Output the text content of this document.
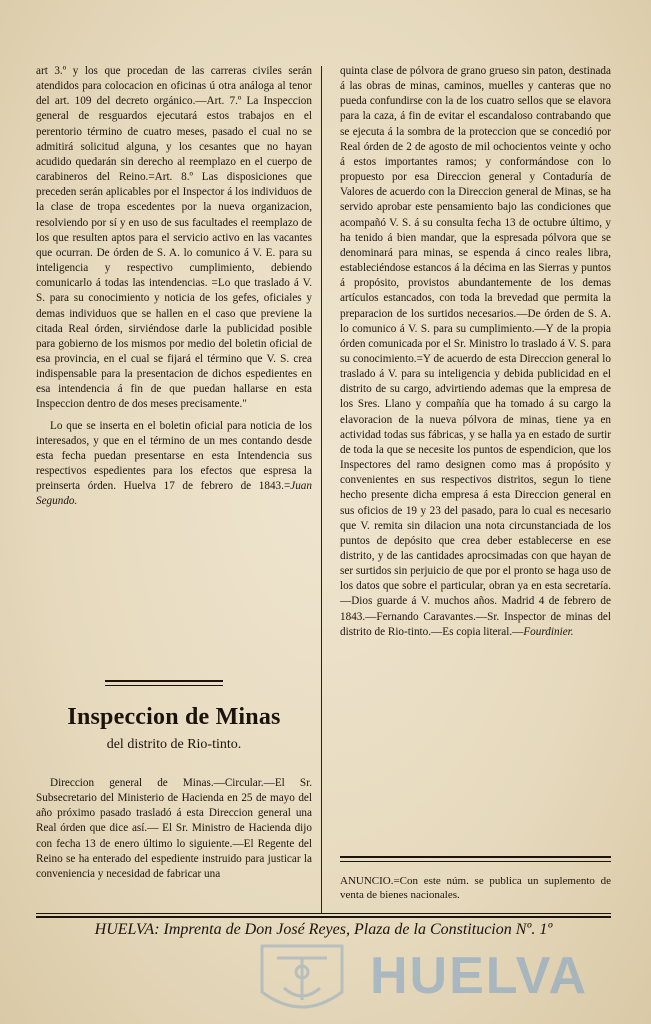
art 3.º y los que procedan de las carreras civiles serán atendidos para colocacion en oficinas ú otra análoga al tenor del art. 109 del decreto orgánico.—Art. 7.º La Inspeccion general de resguardos ejecutará estos trabajos en el perentorio término de cuatro meses, pasado el cual no se admitirá solicitud alguna, y los cesantes que no hayan acudido quedarán sin derecho al reemplazo en el cuerpo de carabineros del Reino.=Art. 8.º Las disposiciones que preceden serán aplicables por el Inspector á los individuos de la clase de tropa escedentes por la nueva organizacion, resolviendo por sí y en uso de sus facultades el reemplazo de los que resulten aptos para el servicio activo en las vacantes que ocurran. De órden de S. A. lo comunico á V. E. para su inteligencia y respectivo cumplimiento, debiendo comunicarlo á todas las intendencias. =Lo que traslado á V. S. para su conocimiento y noticia de los gefes, oficiales y demas individuos que se hallen en el caso que previene la citada Real órden, sirviéndose darle la publicidad posible para gobierno de los mismos por medio del boletin oficial de esa provincia, en el cual se fijará el término que V. S. crea indispensable para la presentacion de dichos espedientes en esa intendencia á fin de que puedan hallarse en esta Inspeccion dentro de dos meses precisamente."

Lo que se inserta en el boletin oficial para noticia de los interesados, y que en el término de un mes contando desde esta fecha puedan presentarse en esta Intendencia sus respectivos espedientes para los efectos que espresa la preinserta órden. Huelva 17 de febrero de 1843.=Juan Segundo.

Inspeccion de Minas
del distrito de Rio-tinto.

Direccion general de Minas.—Circular.—El Sr. Subsecretario del Ministerio de Hacienda en 25 de mayo del año próximo pasado trasladó á esta Direccion general una Real órden que dice así.— El Sr. Ministro de Hacienda dijo con fecha 13 de enero último lo siguiente.—El Regente del Reino se ha enterado del espediente instruido para justicar la conveniencia y necesidad de fabricar una

quinta clase de pólvora de grano grueso sin paton, destinada á las obras de minas, caminos, muelles y canteras que no pueda confundirse con la de los cuatro sellos que se elavora para la caza, á fin de evitar el escandaloso contrabando que se ejecuta á la sombra de la proteccion que se concedió por Real órden de 2 de agosto de mil ochocientos veinte y ocho á estos importantes ramos; y conformándose con lo propuesto por esa Direccion general y Contaduría de Valores de acuerdo con la Direccion general de Minas, se ha servido aprobar este pensamiento bajo las condiciones que acompañó V. S. á su consulta fecha 13 de octubre último, y ha tenido á bien mandar, que la espresada pólvora que se denominará para minas, se espenda á cinco reales libra, estableciéndose estancos á la décima en las Sierras y puntos á propósito, provistos abundantemente de los demas artículos estancados, con toda la brevedad que permita la preparacion de los surtidos necesarios.—De órden de S. A. lo comunico á V. S. para su cumplimiento.—Y de la propia órden comunicada por el Sr. Ministro lo traslado á V. S. para su conocimiento.=Y de acuerdo de esta Direccion general lo traslado á V. para su inteligencia y debida publicidad en el distrito de su cargo, advirtiendo ademas que la empresa de los Sres. Llano y compañía que ha tomado á su cargo la elavoracion de la nueva pólvora de minas, tiene ya en actividad todas sus fábricas, y se halla ya en estado de surtir de toda la que se necesite los puntos de espendicion, que los Inspectores del ramo designen como mas á propósito y convenientes en sus respectivos distritos, segun lo tiene hecho presente dicha empresa á esta Direccion general en sus oficios de 19 y 23 del pasado, para lo cual es necesario que V. remita sin dilacion una nota circunstanciada de los puntos de depósito que crea deber establecerse en ese distrito, y de las cantidades aprocsimadas con que hayan de ser surtidos sin perjuicio de que por el pronto se haga uso de los datos que sobre el particular, obran ya en esta secretaría.—Dios guarde á V. muchos años. Madrid 4 de febrero de 1843.—Fernando Caravantes.—Sr. Inspector de minas del distrito de Rio-tinto.—Es copia literal.—Fourdinier.

ANUNCIO.=Con este núm. se publica un suplemento de venta de bienes nacionales.
HUELVA: Imprenta de Don José Reyes, Plaza de la Constitucion Nº. 1º
HUELVA
